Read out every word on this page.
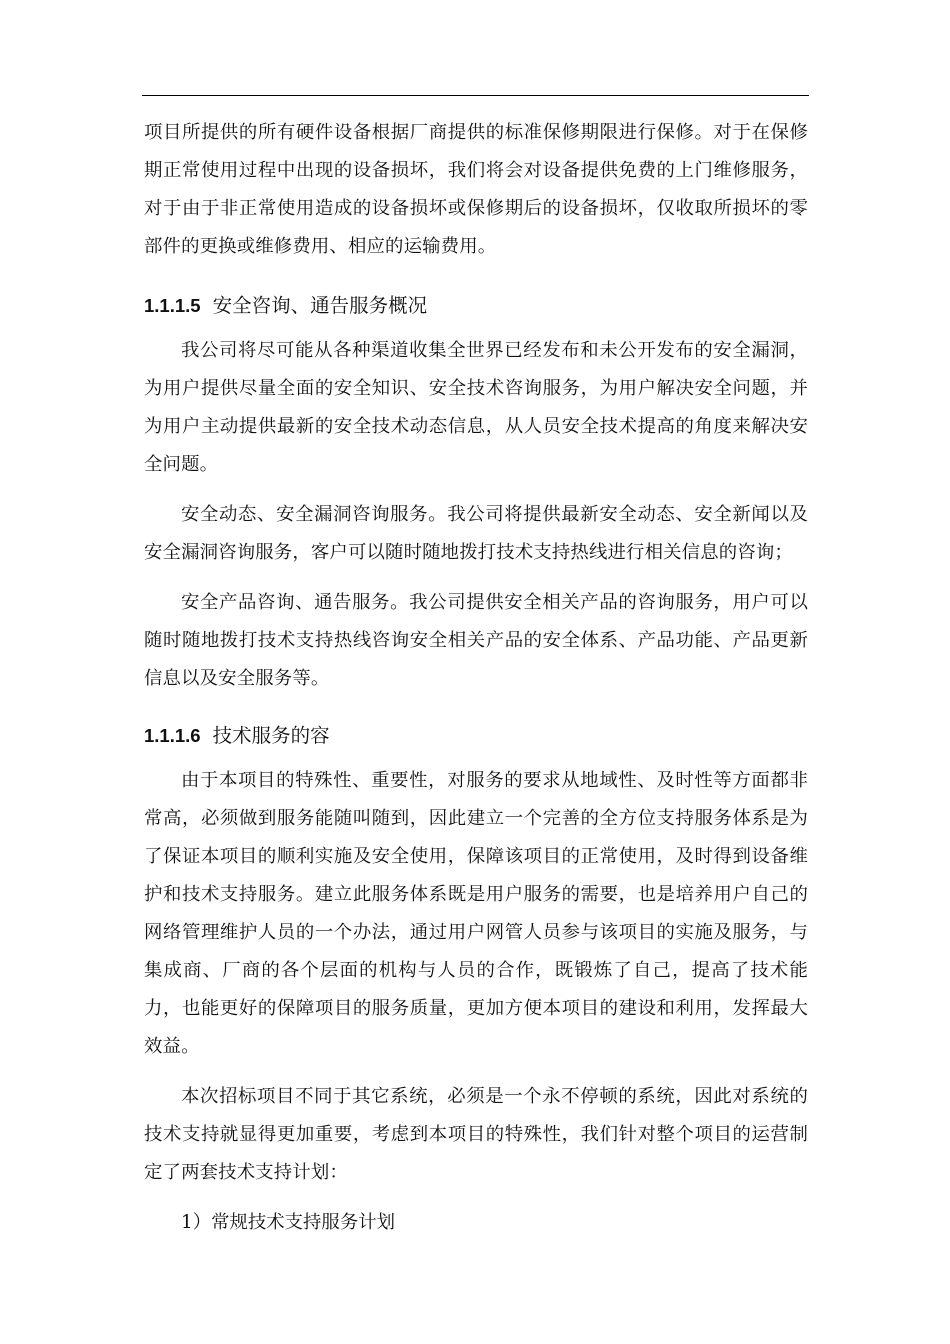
项目所提供的所有硬件设备根据厂商提供的标准保修期限进行保修。对于在保修期正常使用过程中出现的设备损坏，我们将会对设备提供免费的上门维修服务，对于由于非正常使用造成的设备损坏或保修期后的设备损坏，仅收取所损坏的零部件的更换或维修费用、相应的运输费用。

1.1.1.5 安全咨询、通告服务概况

我公司将尽可能从各种渠道收集全世界已经发布和未公开发布的安全漏洞，为用户提供尽量全面的安全知识、安全技术咨询服务，为用户解决安全问题，并为用户主动提供最新的安全技术动态信息，从人员安全技术提高的角度来解决安全问题。

安全动态、安全漏洞咨询服务。我公司将提供最新安全动态、安全新闻以及安全漏洞咨询服务，客户可以随时随地拨打技术支持热线进行相关信息的咨询；

安全产品咨询、通告服务。我公司提供安全相关产品的咨询服务，用户可以随时随地拨打技术支持热线咨询安全相关产品的安全体系、产品功能、产品更新信息以及安全服务等。

1.1.1.6 技术服务的容

由于本项目的特殊性、重要性，对服务的要求从地域性、及时性等方面都非常高，必须做到服务能随叫随到，因此建立一个完善的全方位支持服务体系是为了保证本项目的顺利实施及安全使用，保障该项目的正常使用，及时得到设备维护和技术支持服务。建立此服务体系既是用户服务的需要，也是培养用户自己的网络管理维护人员的一个办法，通过用户网管人员参与该项目的实施及服务，与集成商、厂商的各个层面的机构与人员的合作，既锻炼了自己，提高了技术能力，也能更好的保障项目的服务质量，更加方便本项目的建设和利用，发挥最大效益。

本次招标项目不同于其它系统，必须是一个永不停顿的系统，因此对系统的技术支持就显得更加重要，考虑到本项目的特殊性，我们针对整个项目的运营制定了两套技术支持计划：

1）常规技术支持服务计划
